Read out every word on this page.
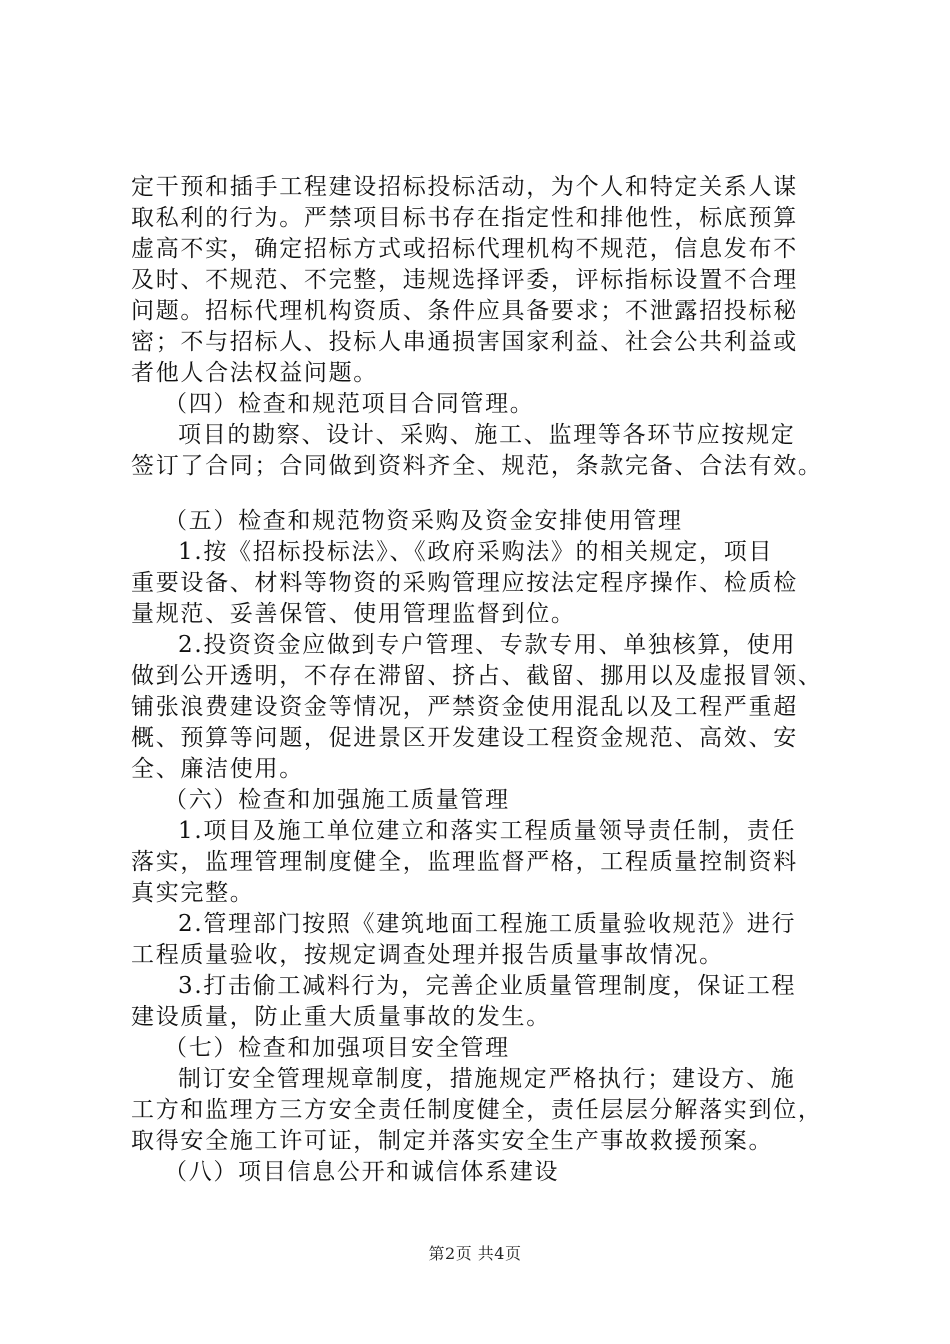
定干预和插手工程建设招标投标活动，为个人和特定关系人谋
取私利的行为。严禁项目标书存在指定性和排他性，标底预算
虚高不实，确定招标方式或招标代理机构不规范，信息发布不
及时、不规范、不完整，违规选择评委，评标指标设置不合理
问题。招标代理机构资质、条件应具备要求；不泄露招投标秘
密；不与招标人、投标人串通损害国家利益、社会公共利益或
者他人合法权益问题。
（四）检查和规范项目合同管理。
项目的勘察、设计、采购、施工、监理等各环节应按规定
签订了合同；合同做到资料齐全、规范，条款完备、合法有效。
（五）检查和规范物资采购及资金安排使用管理
1.按《招标投标法》、《政府采购法》的相关规定，项目
重要设备、材料等物资的采购管理应按法定程序操作、检质检
量规范、妥善保管、使用管理监督到位。
2.投资资金应做到专户管理、专款专用、单独核算，使用
做到公开透明，不存在滞留、挤占、截留、挪用以及虚报冒领、
铺张浪费建设资金等情况，严禁资金使用混乱以及工程严重超
概、预算等问题，促进景区开发建设工程资金规范、高效、安
全、廉洁使用。
（六）检查和加强施工质量管理
1.项目及施工单位建立和落实工程质量领导责任制，责任
落实，监理管理制度健全，监理监督严格，工程质量控制资料
真实完整。
2.管理部门按照《建筑地面工程施工质量验收规范》进行
工程质量验收，按规定调查处理并报告质量事故情况。
3.打击偷工减料行为，完善企业质量管理制度，保证工程
建设质量，防止重大质量事故的发生。
（七）检查和加强项目安全管理
制订安全管理规章制度，措施规定严格执行；建设方、施
工方和监理方三方安全责任制度健全，责任层层分解落实到位，
取得安全施工许可证，制定并落实安全生产事故救援预案。
（八）项目信息公开和诚信体系建设
第2页 共4页
